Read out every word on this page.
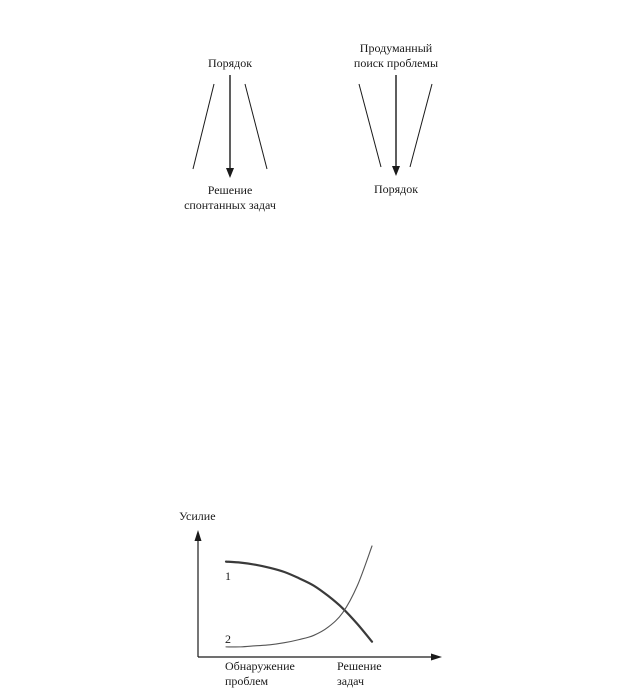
Порядок
Решение
спонтанных задач
Продуманный
поиск проблемы
Порядок
Усилие
1
2
Обнаружение
проблем
Решение
задач
